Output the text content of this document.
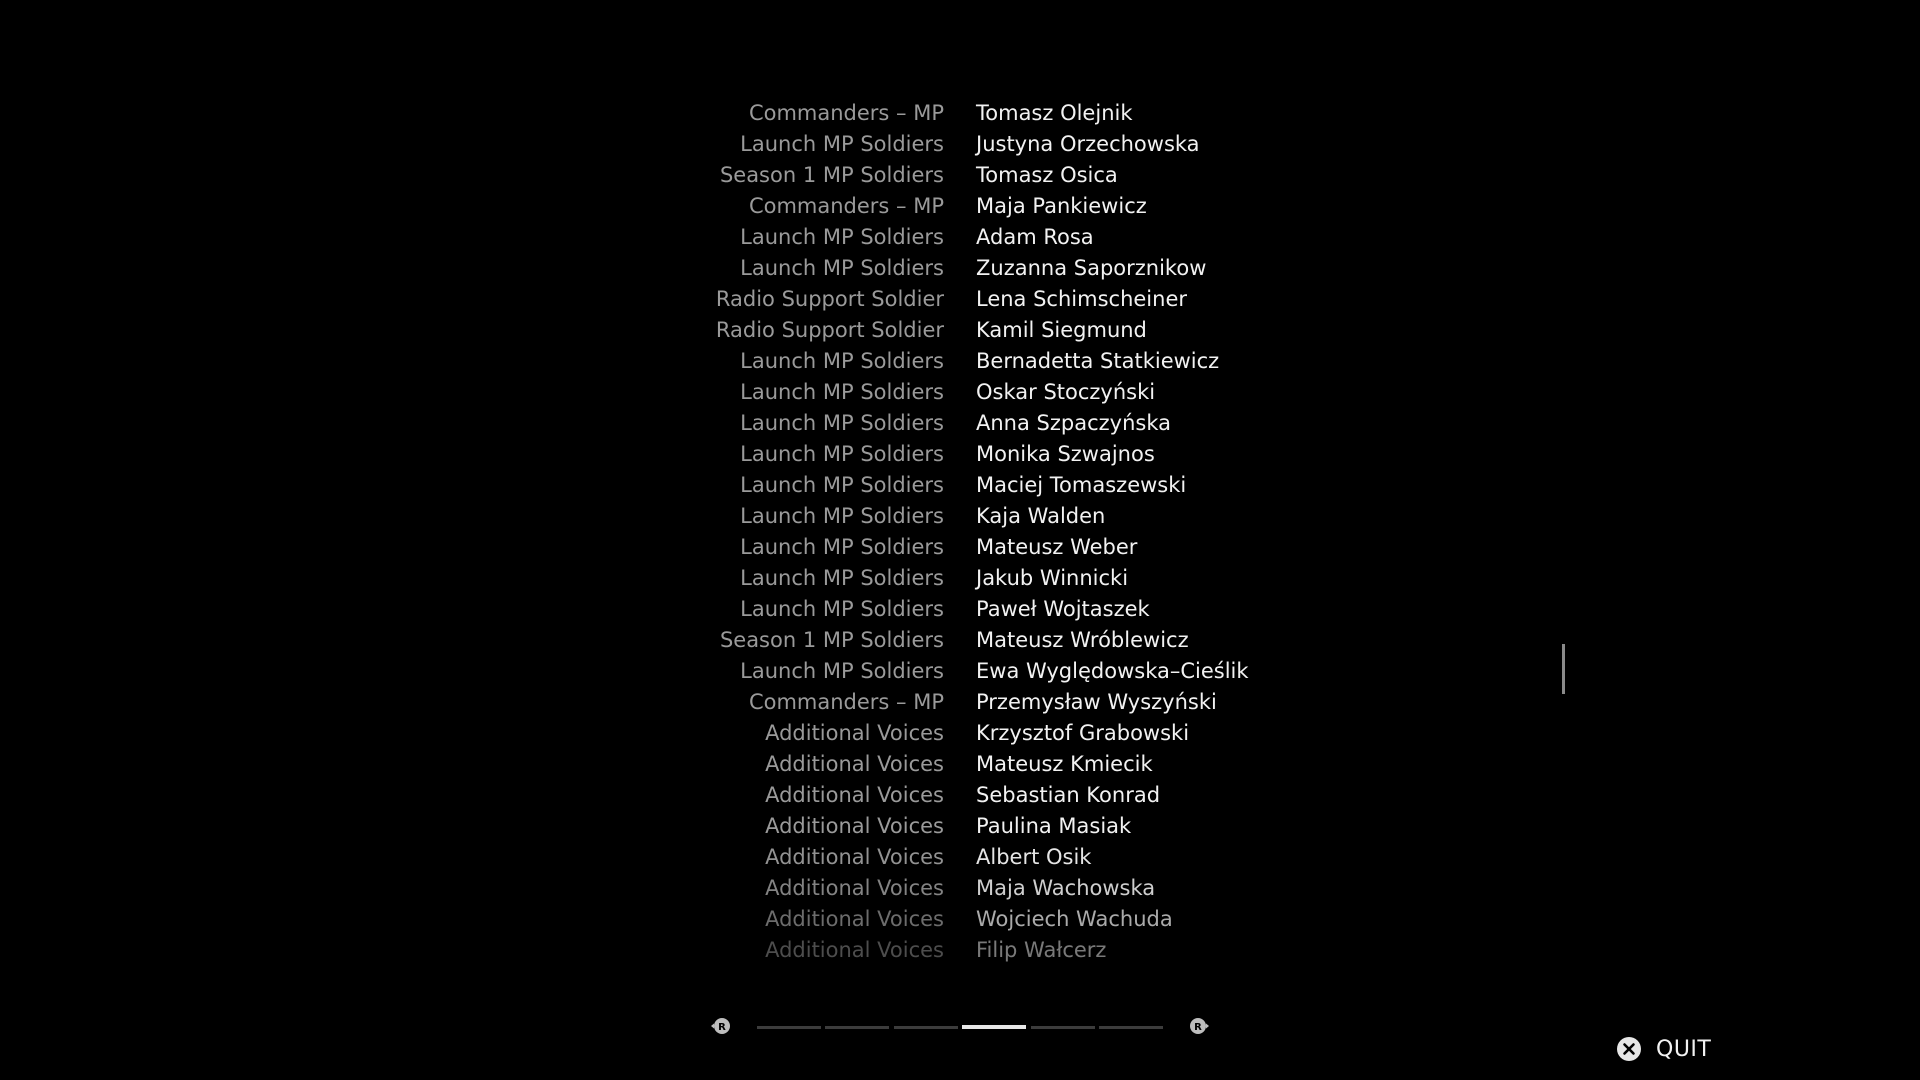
Commanders – MP Tomasz Olejnik
Launch MP Soldiers Justyna Orzechowska
Season 1 MP Soldiers Tomasz Osica
Commanders – MP Maja Pankiewicz
Launch MP Soldiers Adam Rosa
Launch MP Soldiers Zuzanna Saporznikow
Radio Support Soldier Lena Schimscheiner
Radio Support Soldier Kamil Siegmund
Launch MP Soldiers Bernadetta Statkiewicz
Launch MP Soldiers Oskar Stoczyński
Launch MP Soldiers Anna Szpaczyńska
Launch MP Soldiers Monika Szwajnos
Launch MP Soldiers Maciej Tomaszewski
Launch MP Soldiers Kaja Walden
Launch MP Soldiers Mateusz Weber
Launch MP Soldiers Jakub Winnicki
Launch MP Soldiers Paweł Wojtaszek
Season 1 MP Soldiers Mateusz Wróblewicz
Launch MP Soldiers Ewa Wyględowska–Cieślik
Commanders – MP Przemysław Wyszyński
Additional Voices Krzysztof Grabowski
Additional Voices Mateusz Kmiecik
Additional Voices Sebastian Konrad
Additional Voices Paulina Masiak
Additional Voices Albert Osik
Additional Voices Maja Wachowska
Additional Voices Wojciech Wachuda
Additional Voices Filip Wałcerz
R	R
QUIT
